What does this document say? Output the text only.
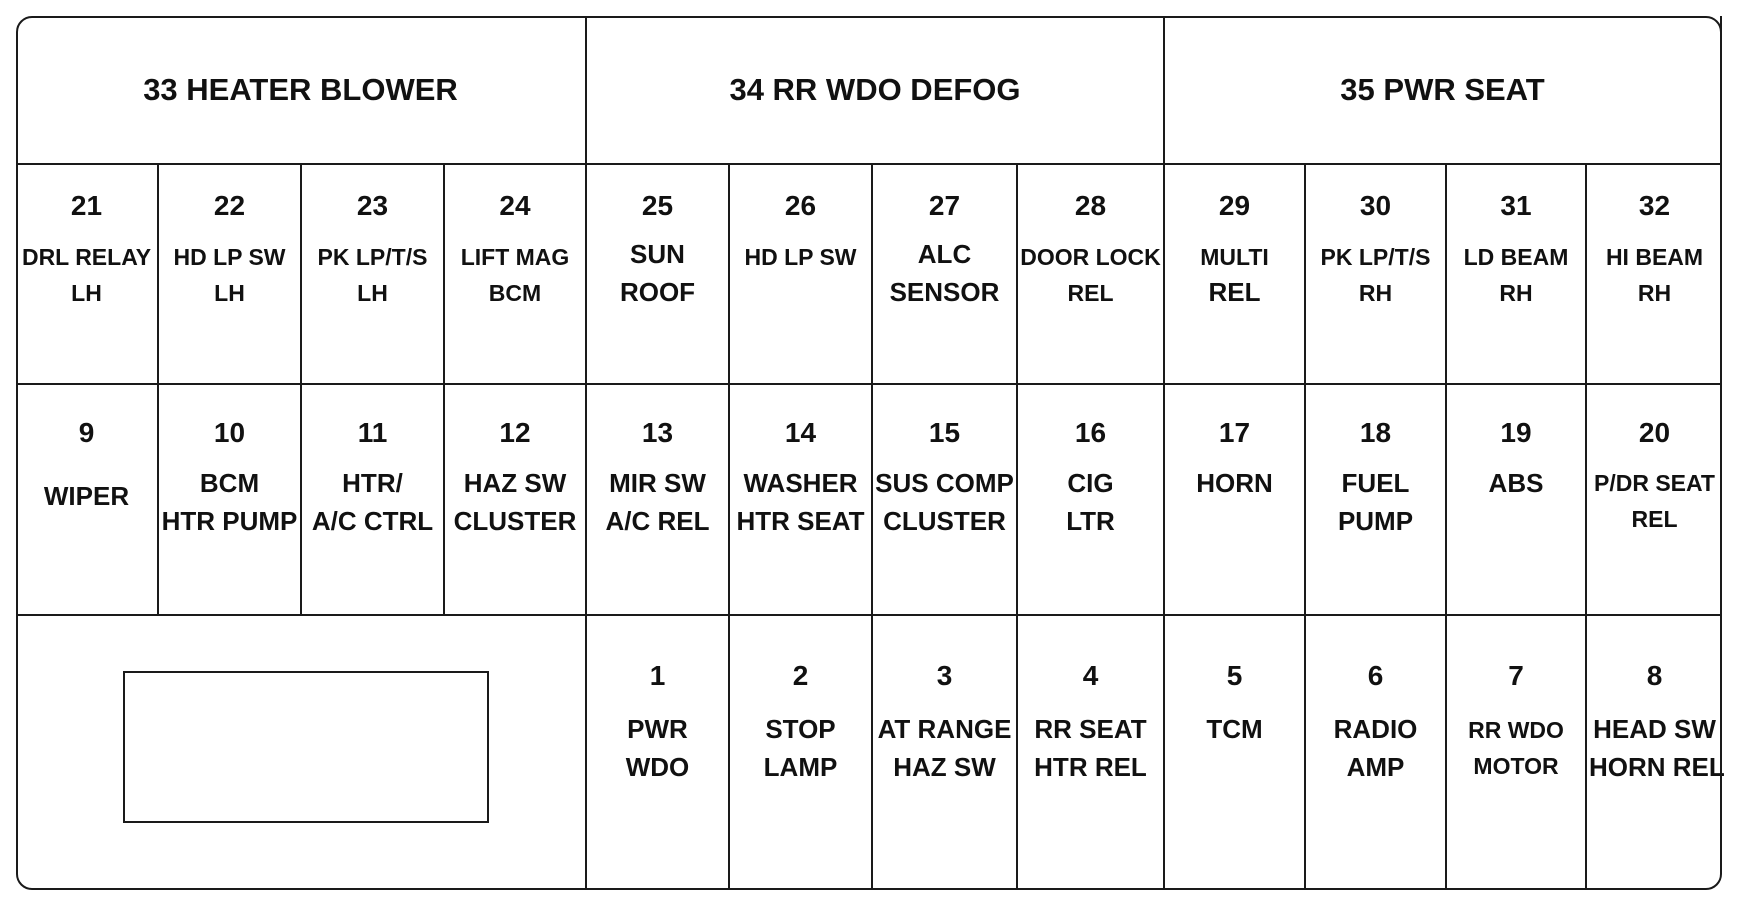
33 HEATER BLOWER	34 RR WDO DEFOG	35 PWR SEAT
21
DRL RELAY
LH
22
HD LP SW
LH
23
PK LP/T/S
LH
24
LIFT MAG
BCM
25
SUN
ROOF
26
HD LP SW
27
ALC
SENSOR
28
DOOR LOCK
REL
29
MULTI
REL
30
PK LP/T/S
RH
31
LD BEAM
RH
32
HI BEAM
RH
9
WIPER
10
BCM
HTR PUMP
11
HTR/
A/C CTRL
12
HAZ SW
CLUSTER
13
MIR SW
A/C REL
14
WASHER
HTR SEAT
15
SUS COMP
CLUSTER
16
CIG
LTR
17
HORN
18
FUEL
PUMP
19
ABS
20
P/DR SEAT
REL
1
PWR
WDO
2
STOP
LAMP
3
AT RANGE
HAZ SW
4
RR SEAT
HTR REL
5
TCM
6
RADIO
AMP
7
RR WDO
MOTOR
8
HEAD SW
HORN REL
